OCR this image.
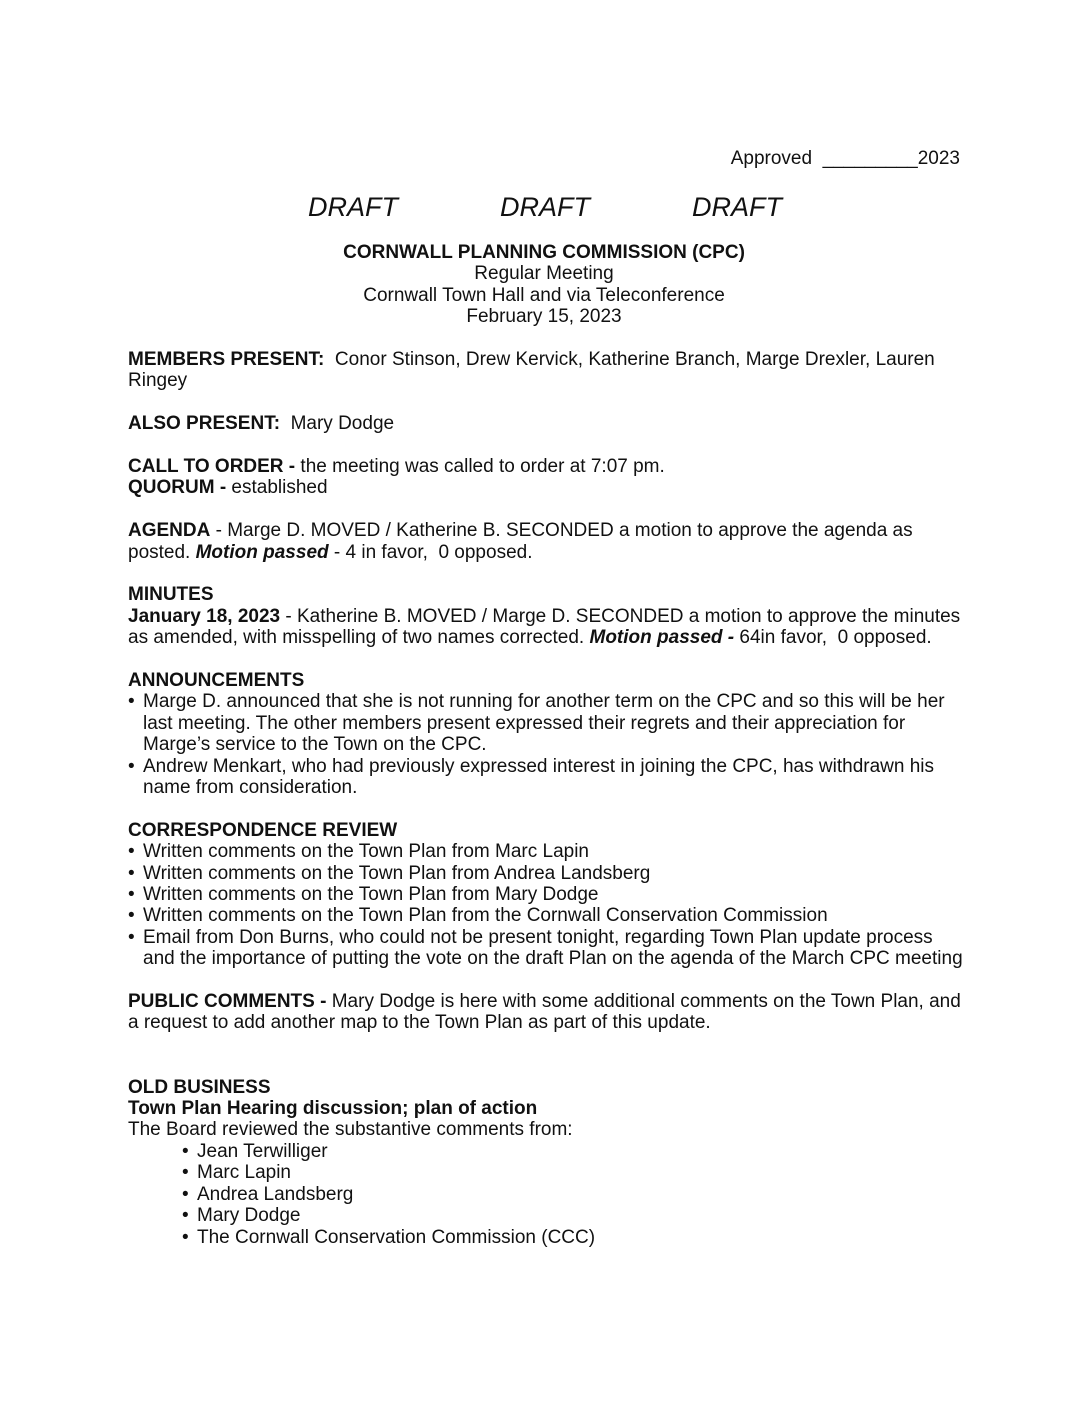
Approved  _________2023
DRAFT	DRAFT	DRAFT
CORNWALL PLANNING COMMISSION (CPC)
Regular Meeting
Cornwall Town Hall and via Teleconference
February 15, 2023
MEMBERS PRESENT:  Conor Stinson, Drew Kervick, Katherine Branch, Marge Drexler, Lauren Ringey
ALSO PRESENT:  Mary Dodge
CALL TO ORDER - the meeting was called to order at 7:07 pm.
QUORUM - established
AGENDA - Marge D. MOVED / Katherine B. SECONDED a motion to approve the agenda as posted. Motion passed - 4 in favor,  0 opposed.
MINUTES
January 18, 2023 - Katherine B. MOVED / Marge D. SECONDED a motion to approve the minutes as amended, with misspelling of two names corrected. Motion passed - 64in favor,  0 opposed.
ANNOUNCEMENTS
• Marge D. announced that she is not running for another term on the CPC and so this will be her last meeting. The other members present expressed their regrets and their appreciation for Marge’s service to the Town on the CPC.
• Andrew Menkart, who had previously expressed interest in joining the CPC, has withdrawn his name from consideration.
CORRESPONDENCE REVIEW
• Written comments on the Town Plan from Marc Lapin
• Written comments on the Town Plan from Andrea Landsberg
• Written comments on the Town Plan from Mary Dodge
• Written comments on the Town Plan from the Cornwall Conservation Commission
• Email from Don Burns, who could not be present tonight, regarding Town Plan update process and the importance of putting the vote on the draft Plan on the agenda of the March CPC meeting
PUBLIC COMMENTS - Mary Dodge is here with some additional comments on the Town Plan, and a request to add another map to the Town Plan as part of this update.
OLD BUSINESS
Town Plan Hearing discussion; plan of action
The Board reviewed the substantive comments from:
• Jean Terwilliger
• Marc Lapin
• Andrea Landsberg
• Mary Dodge
• The Cornwall Conservation Commission (CCC)
